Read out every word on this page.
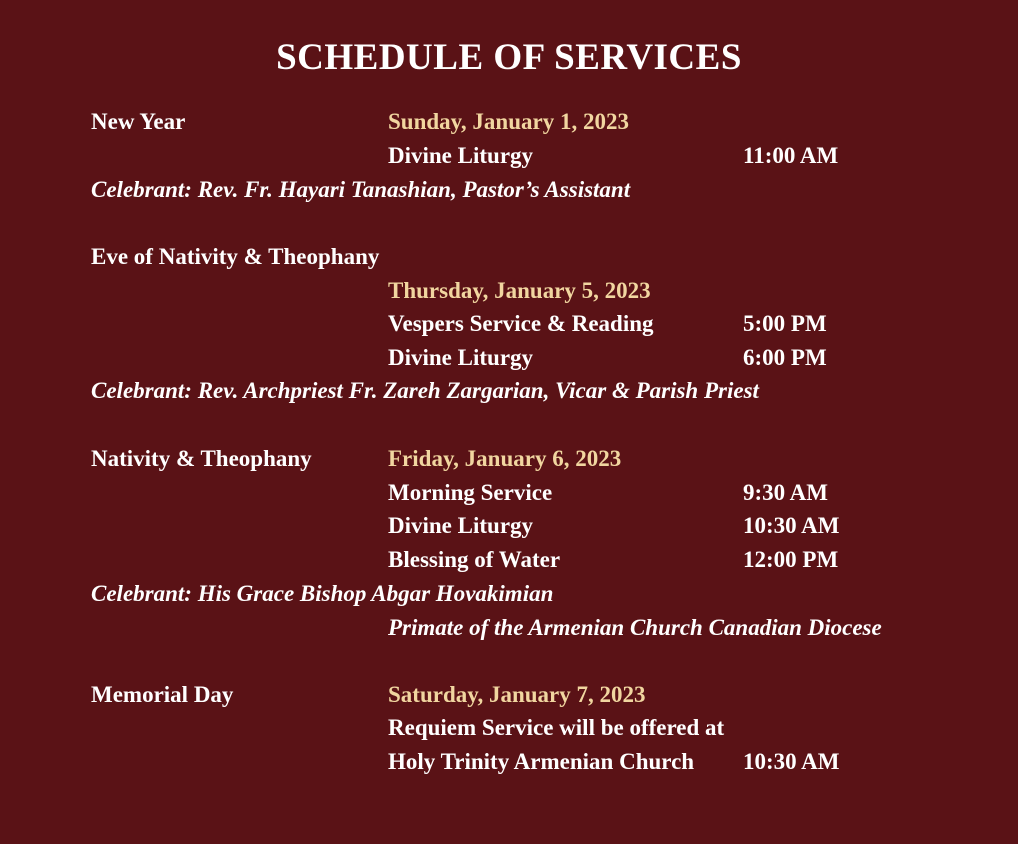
SCHEDULE OF SERVICES
New Year	Sunday, January 1, 2023
Divine Liturgy	11:00 AM
Celebrant: Rev. Fr. Hayari Tanashian, Pastor’s Assistant
Eve of Nativity & Theophany
Thursday, January 5, 2023
Vespers Service & Reading	5:00 PM
Divine Liturgy	6:00 PM
Celebrant: Rev. Archpriest Fr. Zareh Zargarian, Vicar & Parish Priest
Nativity & Theophany	Friday, January 6, 2023
Morning Service	9:30 AM
Divine Liturgy	10:30 AM
Blessing of Water	12:00 PM
Celebrant: His Grace Bishop Abgar Hovakimian
Primate of the Armenian Church Canadian Diocese
Memorial Day	Saturday, January 7, 2023
Requiem Service will be offered at
Holy Trinity Armenian Church 10:30 AM
